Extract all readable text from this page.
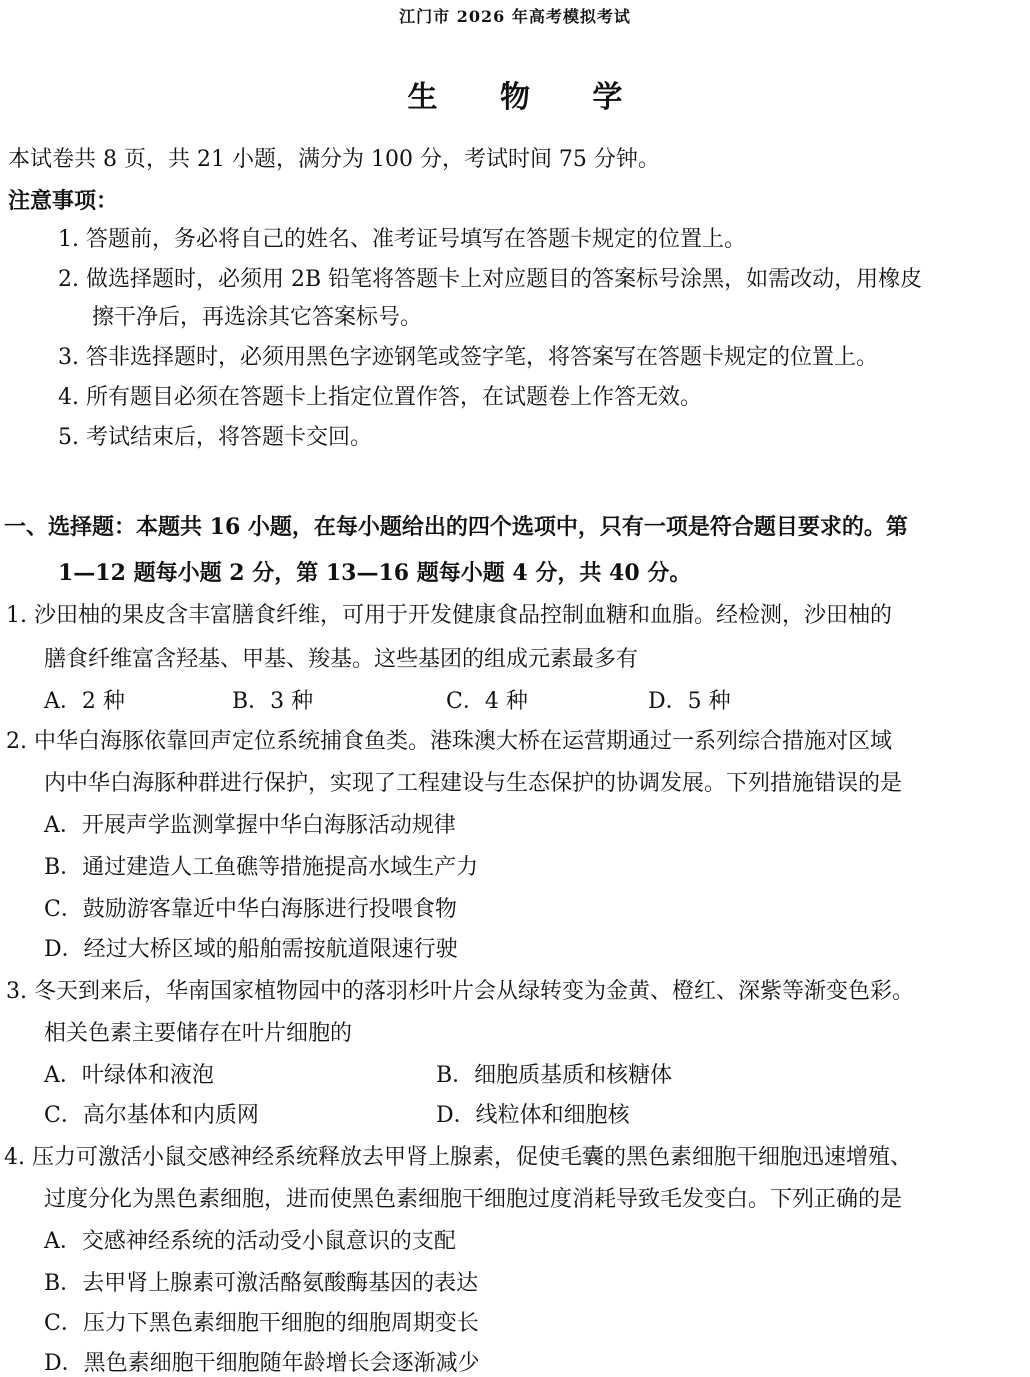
江门市 2026 年高考模拟考试
生 物 学
本试卷共 8 页，共 21 小题，满分为 100 分，考试时间 75 分钟。
注意事项：
1. 答题前，务必将自己的姓名、准考证号填写在答题卡规定的位置上。
2. 做选择题时，必须用 2B 铅笔将答题卡上对应题目的答案标号涂黑，如需改动，用橡皮
擦干净后，再选涂其它答案标号。
3. 答非选择题时，必须用黑色字迹钢笔或签字笔，将答案写在答题卡规定的位置上。
4. 所有题目必须在答题卡上指定位置作答，在试题卷上作答无效。
5. 考试结束后，将答题卡交回。
一、选择题：本题共 16 小题，在每小题给出的四个选项中，只有一项是符合题目要求的。第
1—12 题每小题 2 分，第 13—16 题每小题 4 分，共 40 分。
1. 沙田柚的果皮含丰富膳食纤维，可用于开发健康食品控制血糖和血脂。经检测，沙田柚的
膳食纤维富含羟基、甲基、羧基。这些基团的组成元素最多有
A．2 种	B．3 种	C．4 种	D．5 种
2. 中华白海豚依靠回声定位系统捕食鱼类。港珠澳大桥在运营期通过一系列综合措施对区域
内中华白海豚种群进行保护，实现了工程建设与生态保护的协调发展。下列措施错误的是
A．开展声学监测掌握中华白海豚活动规律
B．通过建造人工鱼礁等措施提高水域生产力
C．鼓励游客靠近中华白海豚进行投喂食物
D．经过大桥区域的船舶需按航道限速行驶
3. 冬天到来后，华南国家植物园中的落羽杉叶片会从绿转变为金黄、橙红、深紫等渐变色彩。
相关色素主要储存在叶片细胞的
A．叶绿体和液泡	B．细胞质基质和核糖体
C．高尔基体和内质网	D．线粒体和细胞核
4. 压力可激活小鼠交感神经系统释放去甲肾上腺素，促使毛囊的黑色素细胞干细胞迅速增殖、
过度分化为黑色素细胞，进而使黑色素细胞干细胞过度消耗导致毛发变白。下列正确的是
A．交感神经系统的活动受小鼠意识的支配
B．去甲肾上腺素可激活酪氨酸酶基因的表达
C．压力下黑色素细胞干细胞的细胞周期变长
D．黑色素细胞干细胞随年龄增长会逐渐减少
